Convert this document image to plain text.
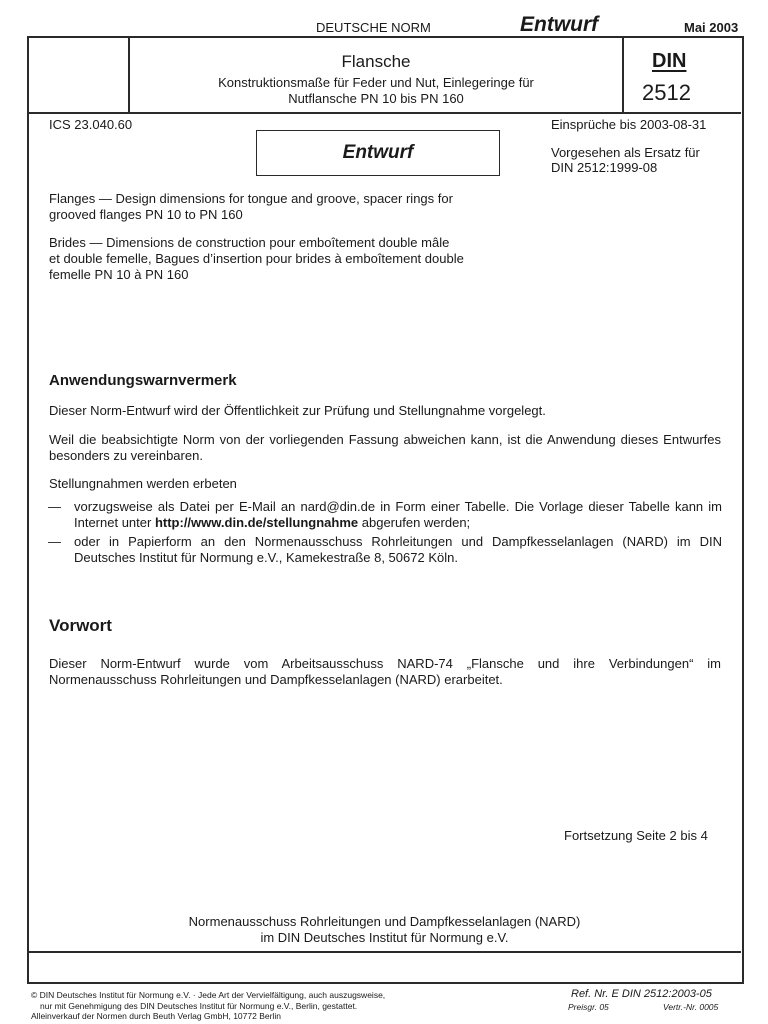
DEUTSCHE NORM	Entwurf	Mai 2003
Flansche
Konstruktionsmaße für Feder und Nut, Einlegeringe für
Nutflansche PN 10 bis PN 160
DIN
2512
ICS 23.040.60	Einsprüche bis 2003-08-31
Entwurf	Vorgesehen als Ersatz für
DIN 2512:1999-08
Flanges — Design dimensions for tongue and groove, spacer rings for
grooved flanges PN 10 to PN 160
Brides — Dimensions de construction pour emboîtement double mâle
et double femelle, Bagues d’insertion pour brides à emboîtement double
femelle PN 10 à PN 160
Anwendungswarnvermerk
Dieser Norm-Entwurf wird der Öffentlichkeit zur Prüfung und Stellungnahme vorgelegt.
Weil die beabsichtigte Norm von der vorliegenden Fassung abweichen kann, ist die Anwendung dieses Entwurfes besonders zu vereinbaren.
Stellungnahmen werden erbeten
— vorzugsweise als Datei per E-Mail an nard@din.de in Form einer Tabelle. Die Vorlage dieser Tabelle kann im Internet unter http://www.din.de/stellungnahme abgerufen werden;
— oder in Papierform an den Normenausschuss Rohrleitungen und Dampfkesselanlagen (NARD) im DIN Deutsches Institut für Normung e.V., Kamekestraße 8, 50672 Köln.
Vorwort
Dieser Norm-Entwurf wurde vom Arbeitsausschuss NARD-74 „Flansche und ihre Verbindungen“ im Normenausschuss Rohrleitungen und Dampfkesselanlagen (NARD) erarbeitet.
Fortsetzung Seite 2 bis 4
Normenausschuss Rohrleitungen und Dampfkesselanlagen (NARD)
im DIN Deutsches Institut für Normung e.V.
© DIN Deutsches Institut für Normung e.V. · Jede Art der Vervielfältigung, auch auszugsweise,
nur mit Genehmigung des DIN Deutsches Institut für Normung e.V., Berlin, gestattet.
Alleinverkauf der Normen durch Beuth Verlag GmbH, 10772 Berlin
Ref. Nr. E DIN 2512:2003-05
Preisgr. 05	Vertr.-Nr. 0005
